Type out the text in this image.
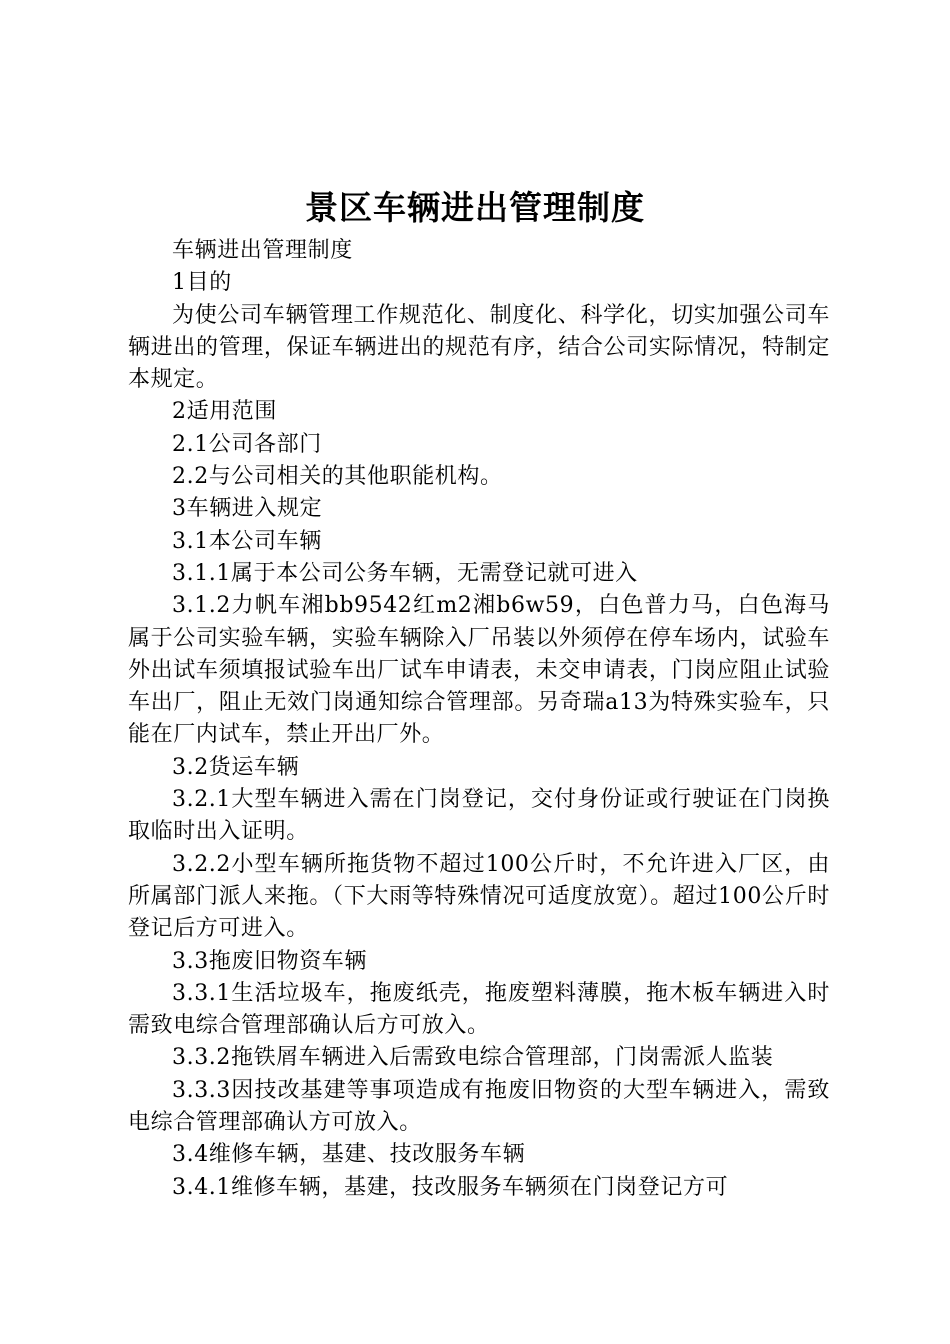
景区车辆进出管理制度

车辆进出管理制度

1目的

为使公司车辆管理工作规范化、制度化、科学化，切实加强公司车辆进出的管理，保证车辆进出的规范有序，结合公司实际情况，特制定本规定。

2适用范围

2.1公司各部门

2.2与公司相关的其他职能机构。

3车辆进入规定

3.1本公司车辆

3.1.1属于本公司公务车辆，无需登记就可进入

3.1.2力帆车湘bb9542红m2湘b6w59，白色普力马，白色海马属于公司实验车辆，实验车辆除入厂吊装以外须停在停车场内，试验车外出试车须填报试验车出厂试车申请表，未交申请表，门岗应阻止试验车出厂，阻止无效门岗通知综合管理部。另奇瑞a13为特殊实验车，只能在厂内试车，禁止开出厂外。

3.2货运车辆

3.2.1大型车辆进入需在门岗登记，交付身份证或行驶证在门岗换取临时出入证明。

3.2.2小型车辆所拖货物不超过100公斤时，不允许进入厂区，由所属部门派人来拖。（下大雨等特殊情况可适度放宽）。超过100公斤时登记后方可进入。

3.3拖废旧物资车辆

3.3.1生活垃圾车，拖废纸壳，拖废塑料薄膜，拖木板车辆进入时需致电综合管理部确认后方可放入。

3.3.2拖铁屑车辆进入后需致电综合管理部，门岗需派人监装

3.3.3因技改基建等事项造成有拖废旧物资的大型车辆进入，需致电综合管理部确认方可放入。

3.4维修车辆，基建、技改服务车辆

3.4.1维修车辆，基建，技改服务车辆须在门岗登记方可
